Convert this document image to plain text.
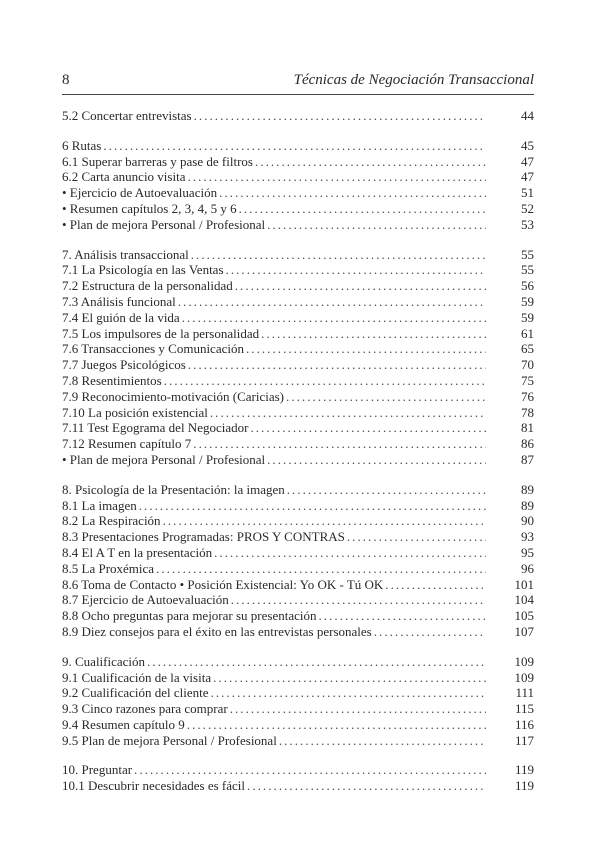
8	Técnicas de Negociación Transaccional
5.2 Concertar entrevistas . . .	44
6 Rutas . . .	45
6.1 Superar barreras y pase de filtros . . .	47
6.2 Carta anuncio visita . . .	47
• Ejercicio de Autoevaluación . . .	51
• Resumen capítulos 2, 3, 4, 5 y 6 . . .	52
• Plan de mejora Personal / Profesional . . .	53
7. Análisis transaccional . . .	55
7.1 La Psicología en las Ventas . . .	55
7.2 Estructura de la personalidad . . .	56
7.3 Análisis funcional . . .	59
7.4 El guión de la vida . . .	59
7.5 Los impulsores de la personalidad . . .	61
7.6 Transacciones y Comunicación . . .	65
7.7 Juegos Psicológicos . . .	70
7.8 Resentimientos . . .	75
7.9 Reconocimiento-motivación (Caricias) . . .	76
7.10 La posición existencial . . .	78
7.11 Test Egograma del Negociador . . .	81
7.12 Resumen capítulo 7 . . .	86
• Plan de mejora Personal / Profesional . . .	87
8. Psicología de la Presentación: la imagen . . .	89
8.1 La imagen . . .	89
8.2 La Respiración . . .	90
8.3 Presentaciones Programadas: PROS Y CONTRAS . . .	93
8.4 El A T en la presentación . . .	95
8.5 La Proxémica . . .	96
8.6 Toma de Contacto • Posición Existencial: Yo OK - Tú OK . . .	101
8.7 Ejercicio de Autoevaluación . . .	104
8.8 Ocho preguntas para mejorar su presentación . . .	105
8.9 Diez consejos para el éxito en las entrevistas personales . . .	107
9. Cualificación . . .	109
9.1 Cualificación de la visita . . .	109
9.2 Cualificación del cliente . . .	111
9.3 Cinco razones para comprar . . .	115
9.4 Resumen capítulo 9 . . .	116
9.5 Plan de mejora Personal / Profesional . . .	117
10. Preguntar . . .	119
10.1 Descubrir necesidades es fácil . . .	119
